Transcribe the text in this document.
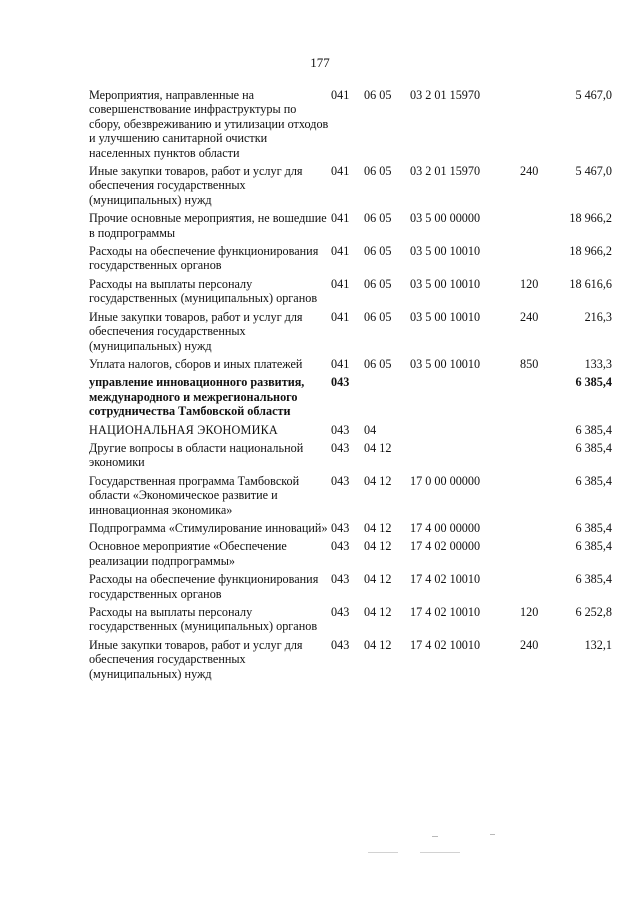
177
Мероприятия, направленные на совершенствование инфраструктуры по сбору, обезвреживанию и утилизации отходов и улучшению санитарной очистки населенных пунктов области	041	06 05	03 2 01 15970		5 467,0
Иные закупки товаров, работ и услуг для обеспечения государственных (муниципальных) нужд	041	06 05	03 2 01 15970	240	5 467,0
Прочие основные мероприятия, не вошедшие в подпрограммы	041	06 05	03 5 00 00000		18 966,2
Расходы на обеспечение функционирования государственных органов	041	06 05	03 5 00 10010		18 966,2
Расходы на выплаты персоналу государственных (муниципальных) органов	041	06 05	03 5 00 10010	120	18 616,6
Иные закупки товаров, работ и услуг для обеспечения государственных (муниципальных) нужд	041	06 05	03 5 00 10010	240	216,3
Уплата налогов, сборов и иных платежей	041	06 05	03 5 00 10010	850	133,3
управление инновационного развития, международного и межрегионального сотрудничества Тамбовской области	043				6 385,4
НАЦИОНАЛЬНАЯ ЭКОНОМИКА	043	04			6 385,4
Другие вопросы в области национальной экономики	043	04 12			6 385,4
Государственная программа Тамбовской области «Экономическое развитие и инновационная экономика»	043	04 12	17 0 00 00000		6 385,4
Подпрограмма «Стимулирование инноваций»	043	04 12	17 4 00 00000		6 385,4
Основное мероприятие «Обеспечение реализации подпрограммы»	043	04 12	17 4 02 00000		6 385,4
Расходы на обеспечение функционирования государственных органов	043	04 12	17 4 02 10010		6 385,4
Расходы на выплаты персоналу государственных (муниципальных) органов	043	04 12	17 4 02 10010	120	6 252,8
Иные закупки товаров, работ и услуг для обеспечения государственных (муниципальных) нужд	043	04 12	17 4 02 10010	240	132,1
